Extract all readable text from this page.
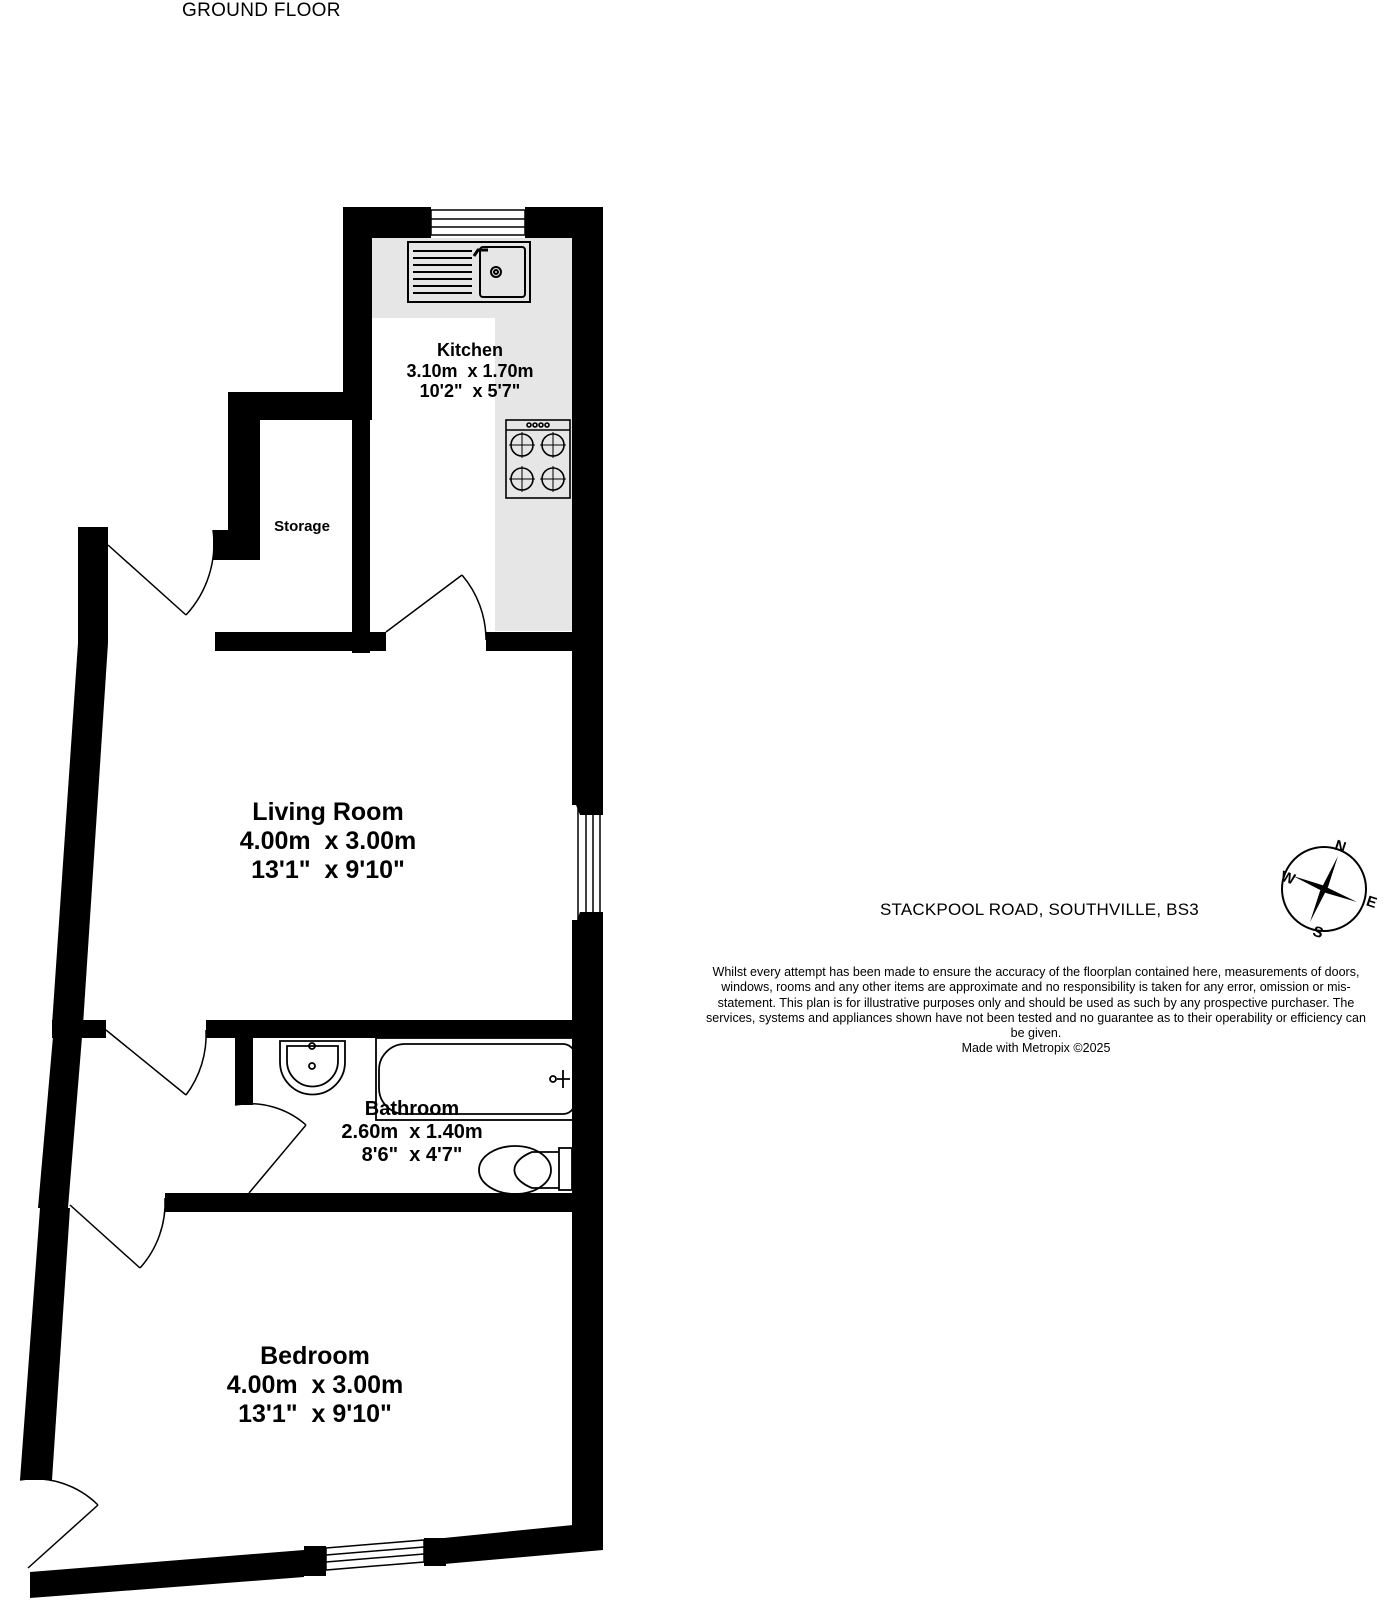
N
E
S
W
GROUND FLOOR
Kitchen
3.10m  x 1.70m
10'2"  x 5'7"
Storage
Living Room
4.00m  x 3.00m
13'1"  x 9'10"
Bathroom
2.60m  x 1.40m
8'6"  x 4'7"
Bedroom
4.00m  x 3.00m
13'1"  x 9'10"
STACKPOOL ROAD, SOUTHVILLE, BS3
Whilst every attempt has been made to ensure the accuracy of the floorplan contained here, measurements of doors, windows, rooms and any other items are approximate and no responsibility is taken for any error, omission or mis-statement. This plan is for illustrative purposes only and should be used as such by any prospective purchaser. The services, systems and appliances shown have not been tested and no guarantee as to their operability or efficiency can be given.
Made with Metropix ©2025
